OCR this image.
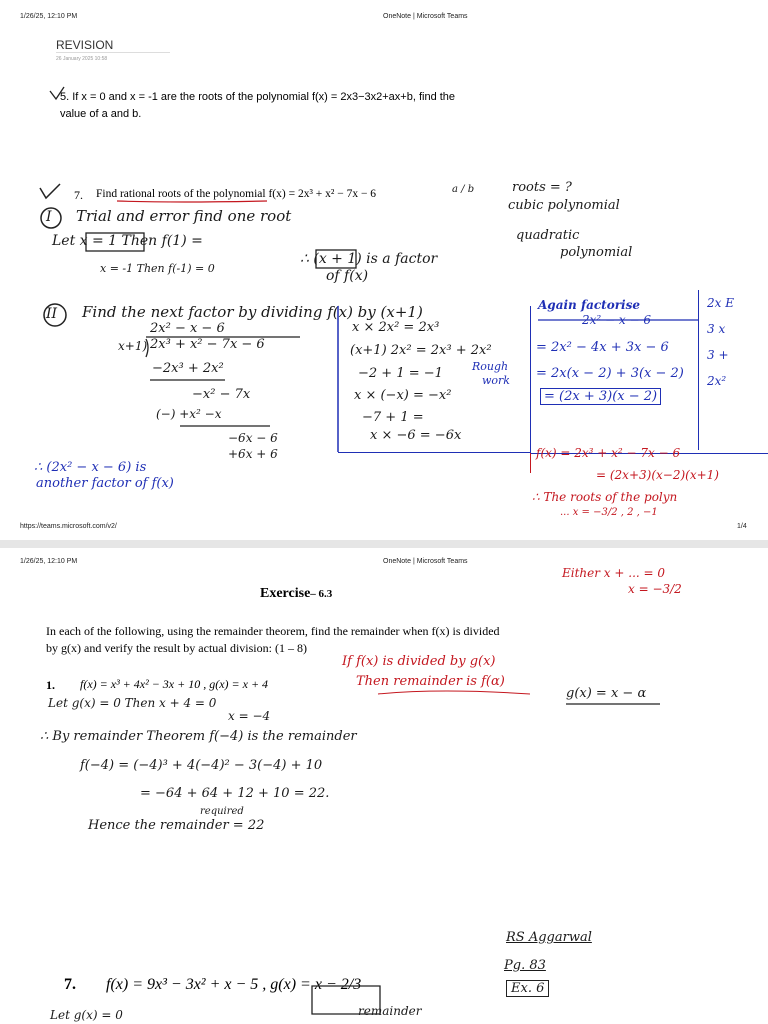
1/26/25, 12:10 PM	OneNote | Microsoft Teams
REVISION
26 January 2025 10:58
5. If x = 0 and x = -1 are the roots of the polynomial f(x) = 2x3−3x2+ax+b, find the
value of a and b.
7. Find rational roots of the polynomial f(x) = 2x³ + x² − 7x − 6	a / b	roots = ?
cubic polynomial
quadratic
polynomial
I Trial and error find one root
Let x = 1 Then f(1) =
x = -1 Then f(-1) = 0
∴ (x + 1) is a factor
of f(x)
II Find the next factor by dividing f(x) by (x+1)
2x² − x − 6
x+1) 2x³ + x² − 7x − 6
−2x³ + 2x²
−x² − 7x
(−) +x² −x
−6x − 6
+6x + 6
∴ (2x² − x − 6) is
another factor of f(x)
x × 2x² = 2x³
(x+1) 2x² = 2x³ + 2x²
−2 + 1 = −1
x × (−x) = −x²
−7 + 1 =
x × −6 = −6x
Rough
work
Again factorise
2x² − x − 6
= 2x² − 4x + 3x − 6
= 2x(x − 2) + 3(x − 2)
= (2x + 3)(x − 2)
2x E
3 x
3 +
2x²
f(x) = 2x³ + x² − 7x − 6
= (2x+3)(x−2)(x+1)
∴ The roots of the polyn
... x = −3/2 , 2 , −1
https://teams.microsoft.com/v2/	1/4
1/26/25, 12:10 PM	OneNote | Microsoft Teams
Either x + ... = 0
x = −3/2
Exercise– 6.3
In each of the following, using the remainder theorem, find the remainder when f(x) is divided
by g(x) and verify the result by actual division: (1 – 8)
1. f(x) = x³ + 4x² − 3x + 10 , g(x) = x + 4
If f(x) is divided by g(x)
Then remainder is f(α)
g(x) = x − α
Let g(x) = 0 Then x + 4 = 0
x = −4
∴ By remainder Theorem f(−4) is the remainder
f(−4) = (−4)³ + 4(−4)² − 3(−4) + 10
= −64 + 64 + 12 + 10 = 22.
required
Hence the remainder = 22
RS Aggarwal
Pg. 83
Ex. 6
7. f(x) = 9x³ − 3x² + x − 5 , g(x) = x − 2/3
Let g(x) = 0	remainder
